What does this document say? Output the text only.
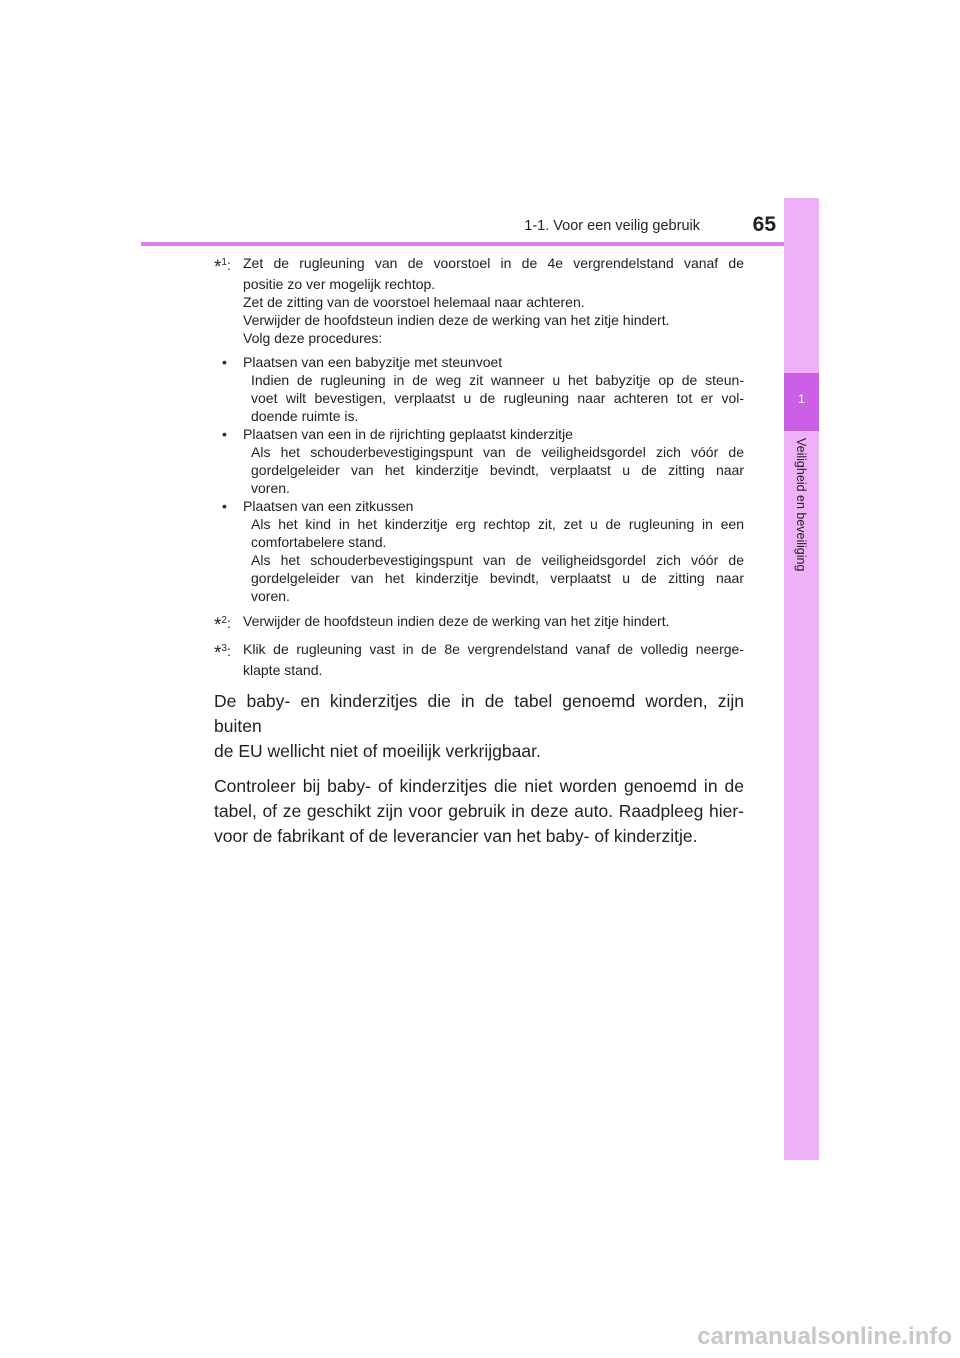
1-1. Voor een veilig gebruik	65
1
Veiligheid en beveiliging
*$^1$: Zet de rugleuning van de voorstoel in de 4e vergrendelstand vanaf de
positie zo ver mogelijk rechtop.
Zet de zitting van de voorstoel helemaal naar achteren.
Verwijder de hoofdsteun indien deze de werking van het zitje hindert.
Volg deze procedures:
•	Plaatsen van een babyzitje met steunvoet
Indien de rugleuning in de weg zit wanneer u het babyzitje op de steun-
voet wilt bevestigen, verplaatst u de rugleuning naar achteren tot er vol-
doende ruimte is.
•	Plaatsen van een in de rijrichting geplaatst kinderzitje
Als het schouderbevestigingspunt van de veiligheidsgordel zich vóór de
gordelgeleider van het kinderzitje bevindt, verplaatst u de zitting naar
voren.
•	Plaatsen van een zitkussen
Als het kind in het kinderzitje erg rechtop zit, zet u de rugleuning in een
comfortabelere stand.
Als het schouderbevestigingspunt van de veiligheidsgordel zich vóór de
gordelgeleider van het kinderzitje bevindt, verplaatst u de zitting naar
voren.
*$^2$: Verwijder de hoofdsteun indien deze de werking van het zitje hindert.
*$^3$: Klik de rugleuning vast in de 8e vergrendelstand vanaf de volledig neerge-
klapte stand.
De baby- en kinderzitjes die in de tabel genoemd worden, zijn buiten
de EU wellicht niet of moeilijk verkrijgbaar.
Controleer bij baby- of kinderzitjes die niet worden genoemd in de
tabel, of ze geschikt zijn voor gebruik in deze auto. Raadpleeg hier-
voor de fabrikant of de leverancier van het baby- of kinderzitje.
carmanualsonline.info
